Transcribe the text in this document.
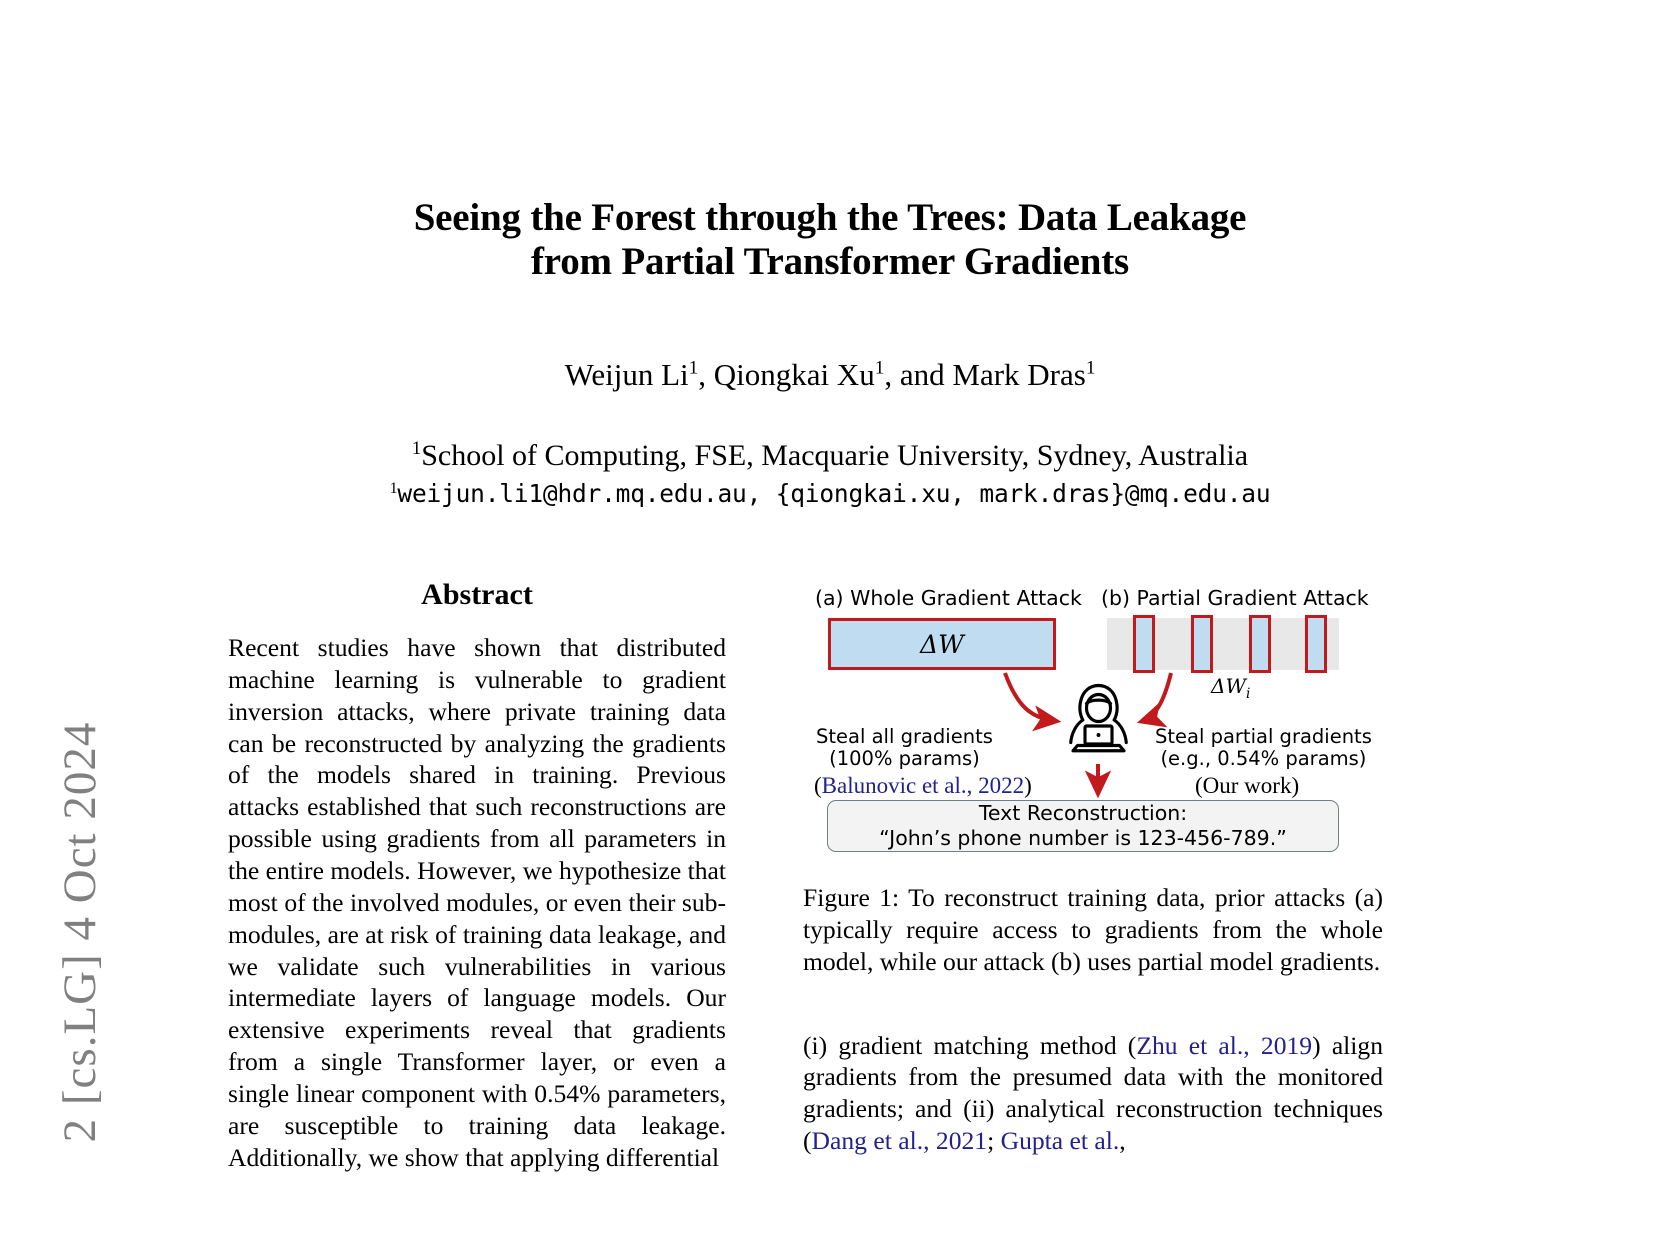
2 [cs.LG] 4 Oct 2024
Seeing the Forest through the Trees: Data Leakage
from Partial Transformer Gradients
Weijun Li$^1$, Qiongkai Xu$^1$, and Mark Dras$^1$
$^1$School of Computing, FSE, Macquarie University, Sydney, Australia
$^1$weijun.li1@hdr.mq.edu.au, {qiongkai.xu, mark.dras}@mq.edu.au
Abstract
Recent studies have shown that distributed machine learning is vulnerable to gradient inversion attacks, where private training data can be reconstructed by analyzing the gradients of the models shared in training. Previous attacks established that such reconstructions are possible using gradients from all parameters in the entire models. However, we hypothesize that most of the involved modules, or even their sub-modules, are at risk of training data leakage, and we validate such vulnerabilities in various intermediate layers of language models. Our extensive experiments reveal that gradients from a single Transformer layer, or even a single linear component with 0.54% parameters, are susceptible to training data leakage. Additionally, we show that applying differential
(a) Whole Gradient Attack (b) Partial Gradient Attack
ΔW
$\Delta W_i$
Steal all gradients
(100% params)
Steal partial gradients
(e.g., 0.54% params)
(Balunovic et al., 2022)	(Our work)
Text Reconstruction:
“John’s phone number is 123-456-789.”
Figure 1: To reconstruct training data, prior attacks (a) typically require access to gradients from the whole model, while our attack (b) uses partial model gradients.
(i) gradient matching method (Zhu et al., 2019) align gradients from the presumed data with the monitored gradients; and (ii) analytical reconstruction techniques (Dang et al., 2021; Gupta et al.,
